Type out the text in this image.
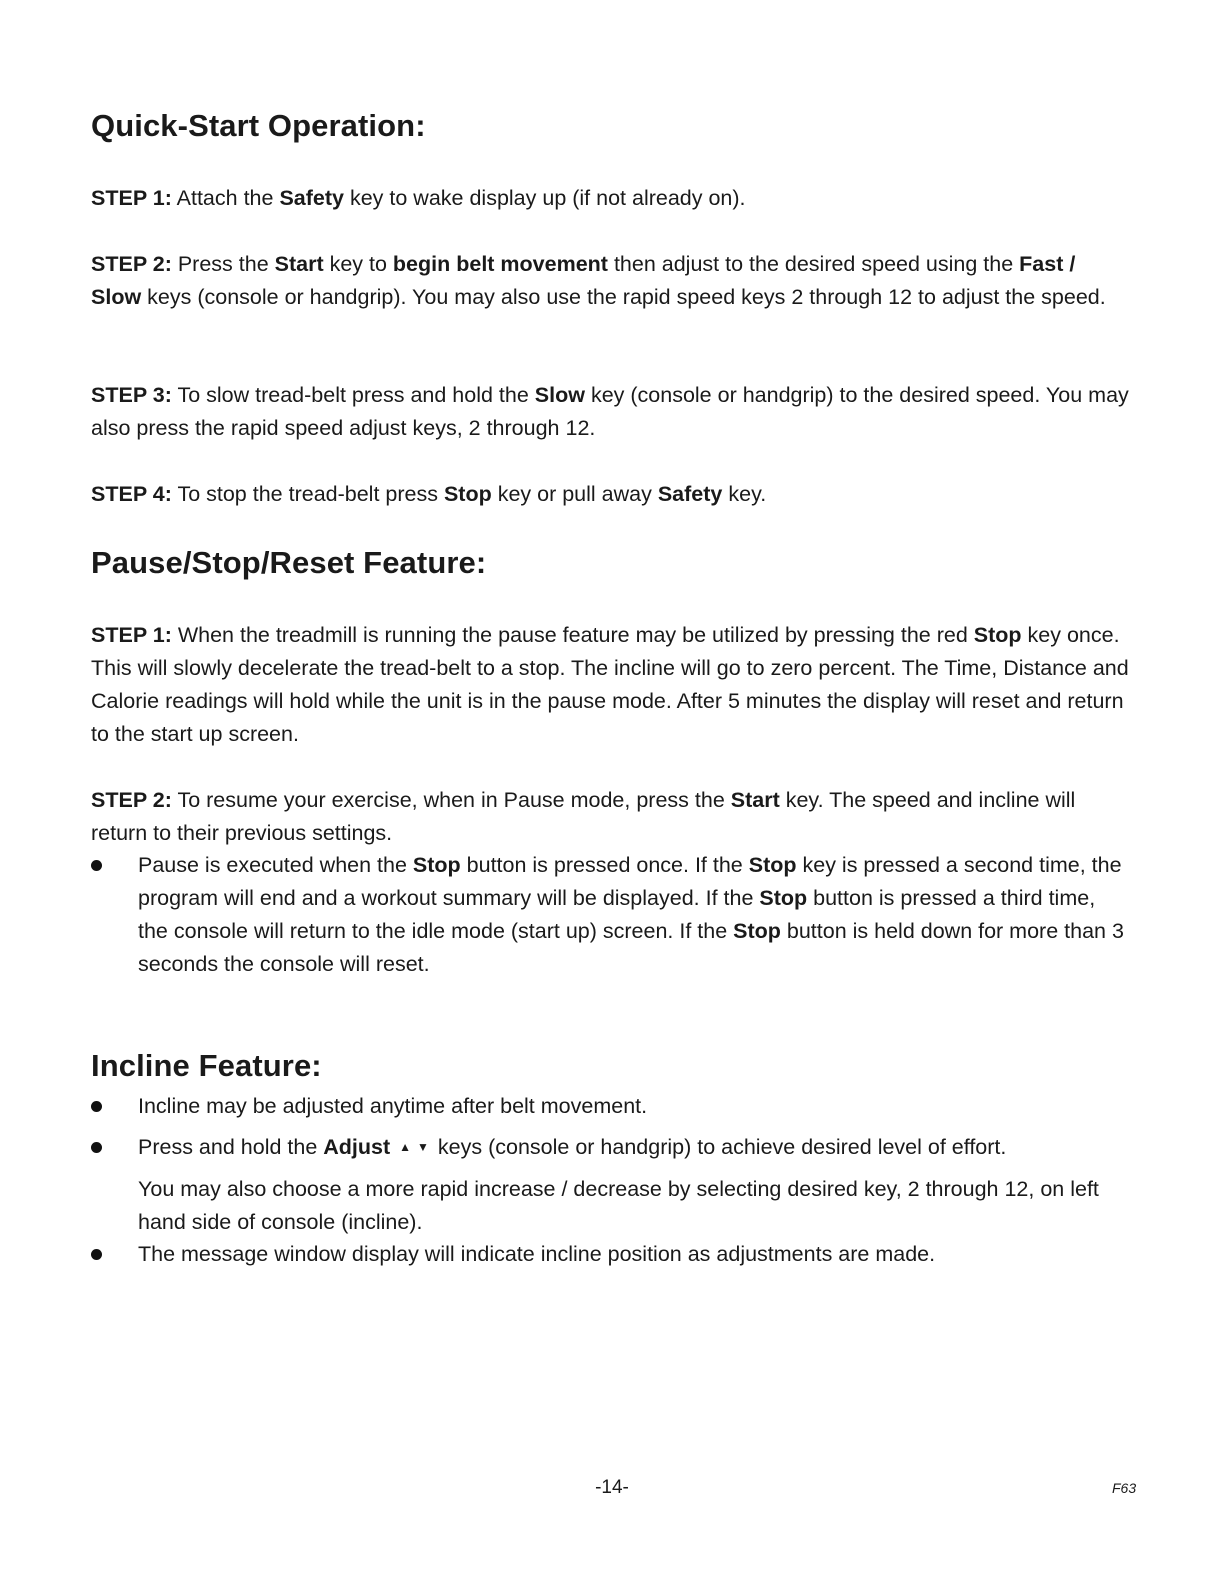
Quick-Start Operation:

STEP 1: Attach the Safety key to wake display up (if not already on).

STEP 2: Press the Start key to begin belt movement then adjust to the desired speed using the Fast / Slow keys (console or handgrip). You may also use the rapid speed keys 2 through 12 to adjust the speed.

STEP 3: To slow tread-belt press and hold the Slow key (console or handgrip) to the desired speed. You may also press the rapid speed adjust keys, 2 through 12.

STEP 4: To stop the tread-belt press Stop key or pull away Safety key.

Pause/Stop/Reset Feature:

STEP 1: When the treadmill is running the pause feature may be utilized by pressing the red Stop key once. This will slowly decelerate the tread-belt to a stop. The incline will go to zero percent. The Time, Distance and Calorie readings will hold while the unit is in the pause mode. After 5 minutes the display will reset and return to the start up screen.

STEP 2: To resume your exercise, when in Pause mode, press the Start key. The speed and incline will return to their previous settings.

Pause is executed when the Stop button is pressed once. If the Stop key is pressed a second time, the program will end and a workout summary will be displayed. If the Stop button is pressed a third time, the console will return to the idle mode (start up) screen. If the Stop button is held down for more than 3 seconds the console will reset.
Incline Feature:
Incline may be adjusted anytime after belt movement.
Press and hold the Adjust ▲ ▼ keys (console or handgrip) to achieve desired level of effort.
You may also choose a more rapid increase / decrease by selecting desired key, 2 through 12, on left hand side of console (incline).
The message window display will indicate incline position as adjustments are made.
-14-	F63
